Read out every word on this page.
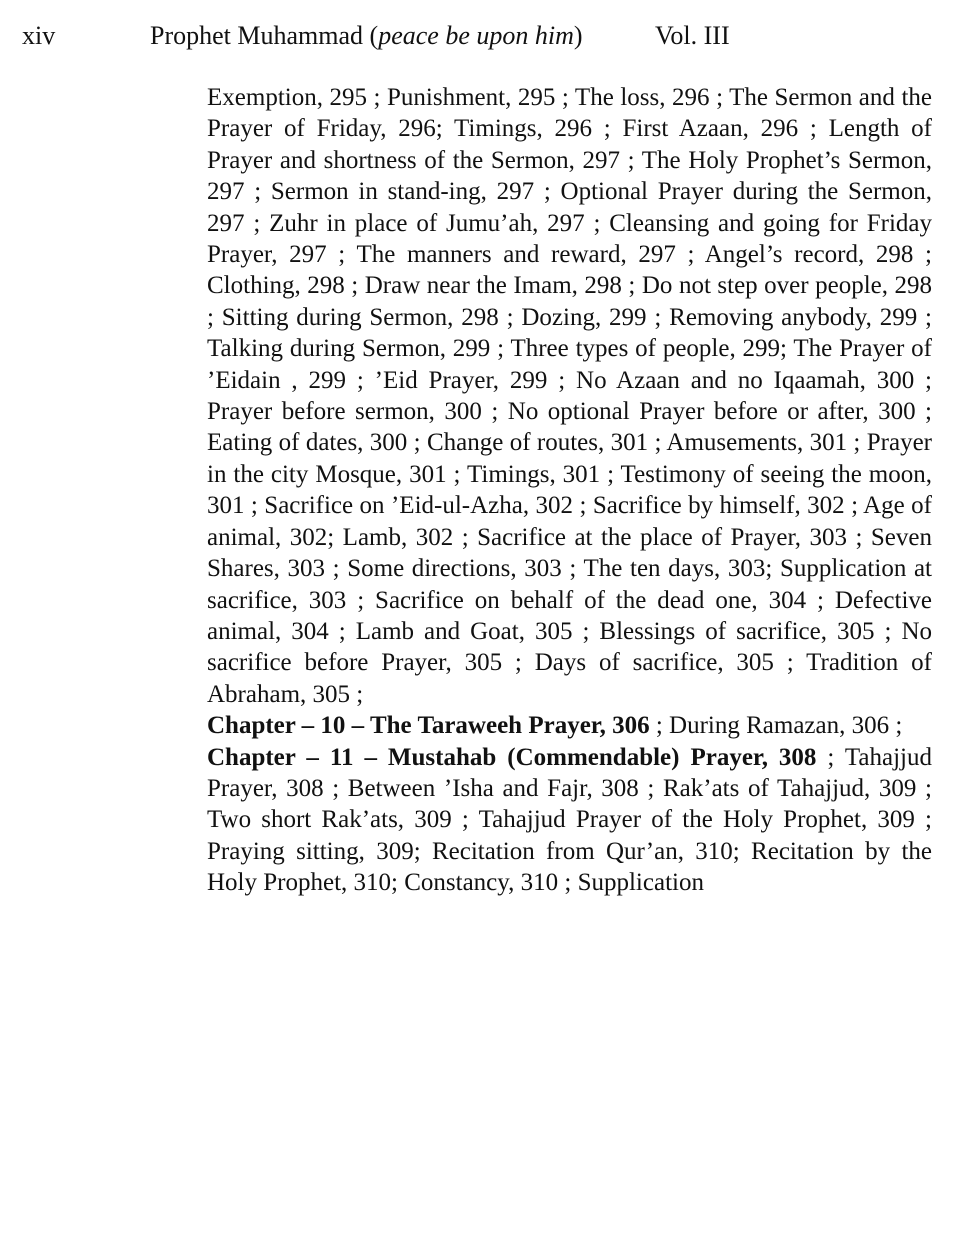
xiv	Prophet Muhammad (peace be upon him)	Vol. III

Exemption, 295 ; Punishment, 295 ; The loss, 296 ; The Sermon and the Prayer of Friday, 296; Timings, 296 ; First Azaan, 296 ; Length of Prayer and shortness of the Sermon, 297 ; The Holy Prophet’s Sermon, 297 ; Sermon in stand-ing, 297 ; Optional Prayer during the Sermon, 297 ; Zuhr in place of Jumu’ah, 297 ; Cleansing and going for Friday Prayer, 297 ; The manners and reward, 297 ; Angel’s record, 298 ; Clothing, 298 ; Draw near the Imam, 298 ; Do not step over people, 298 ; Sitting during Sermon, 298 ; Dozing, 299 ; Removing anybody, 299 ; Talking during Sermon, 299 ; Three types of people, 299; The Prayer of ’Eidain , 299 ; ’Eid Prayer, 299 ; No Azaan and no Iqaamah, 300 ; Prayer before sermon, 300 ; No optional Prayer before or after, 300 ; Eating of dates, 300 ; Change of routes, 301 ; Amusements, 301 ; Prayer in the city Mosque, 301 ; Timings, 301 ; Testimony of seeing the moon, 301 ; Sacrifice on ’Eid-ul-Azha, 302 ; Sacrifice by himself, 302 ; Age of animal, 302; Lamb, 302 ; Sacrifice at the place of Prayer, 303 ; Seven Shares, 303 ; Some directions, 303 ; The ten days, 303; Supplication at sacrifice, 303 ; Sacrifice on behalf of the dead one, 304 ; Defective animal, 304 ; Lamb and Goat, 305 ; Blessings of sacrifice, 305 ; No sacrifice before Prayer, 305 ; Days of sacrifice, 305 ; Tradition of Abraham, 305 ;

Chapter – 10 – The Taraweeh Prayer, 306 ; During Ramazan, 306 ;

Chapter – 11 – Mustahab (Commendable) Prayer, 308 ; Tahajjud Prayer, 308 ; Between ’Isha and Fajr, 308 ; Rak’ats of Tahajjud, 309 ; Two short Rak’ats, 309 ; Tahajjud Prayer of the Holy Prophet, 309 ; Praying sitting, 309; Recitation from Qur’an, 310; Recitation by the Holy Prophet, 310; Constancy, 310 ; Supplication
